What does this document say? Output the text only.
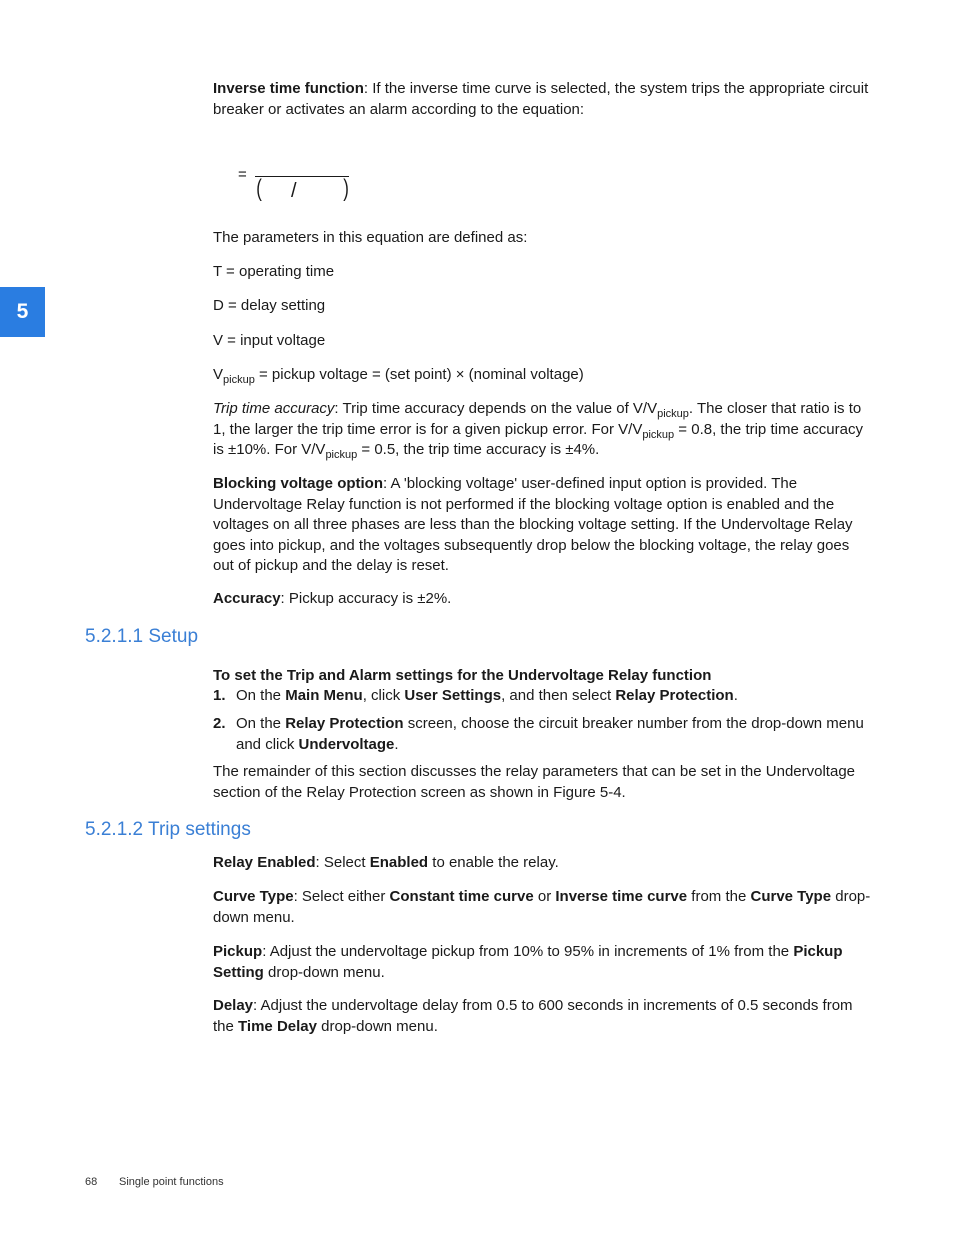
5

Inverse time function: If the inverse time curve is selected, the system trips the appropriate circuit breaker or activates an alarm according to the equation:

=
( / )

The parameters in this equation are defined as:

T = operating time

D = delay setting

V = input voltage

$V_{pickup}$ = pickup voltage = (set point) × (nominal voltage)

Trip time accuracy: Trip time accuracy depends on the value of $V/V_{pickup}$. The closer that ratio is to 1, the larger the trip time error is for a given pickup error. For $V/V_{pickup} = 0.8$, the trip time accuracy is ±10%. For $V/V_{pickup} = 0.5$, the trip time accuracy is ±4%.

Blocking voltage option: A 'blocking voltage' user-defined input option is provided. The Undervoltage Relay function is not performed if the blocking voltage option is enabled and the voltages on all three phases are less than the blocking voltage setting. If the Undervoltage Relay goes into pickup, and the voltages subsequently drop below the blocking voltage, the relay goes out of pickup and the delay is reset.

Accuracy: Pickup accuracy is ±2%.

5.2.1.1 Setup

To set the Trip and Alarm settings for the Undervoltage Relay function

1. On the Main Menu, click User Settings, and then select Relay Protection.
2. On the Relay Protection screen, choose the circuit breaker number from the drop-down menu and click Undervoltage.

The remainder of this section discusses the relay parameters that can be set in the Undervoltage section of the Relay Protection screen as shown in Figure 5-4.

5.2.1.2 Trip settings

Relay Enabled: Select Enabled to enable the relay.

Curve Type: Select either Constant time curve or Inverse time curve from the Curve Type drop-down menu.

Pickup: Adjust the undervoltage pickup from 10% to 95% in increments of 1% from the Pickup Setting drop-down menu.

Delay: Adjust the undervoltage delay from 0.5 to 600 seconds in increments of 0.5 seconds from the Time Delay drop-down menu.

68 Single point functions
